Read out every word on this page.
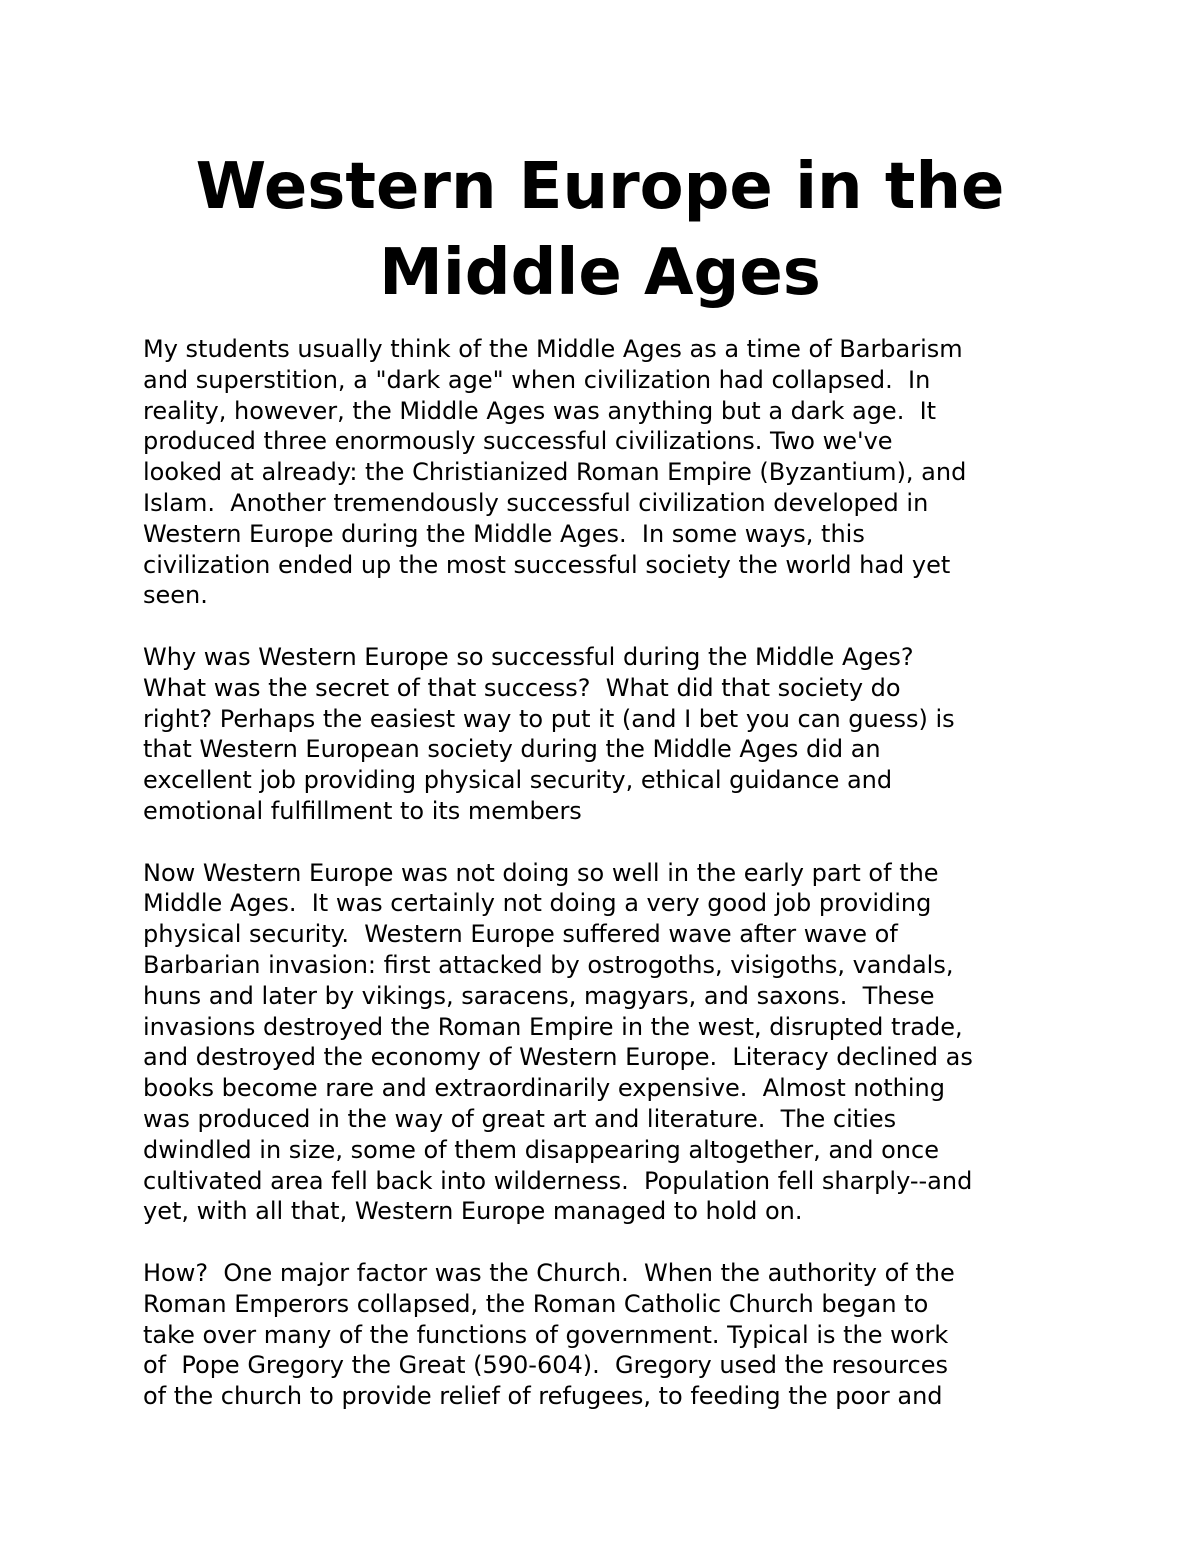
Western Europe in the
Middle Ages
My students usually think of the Middle Ages as a time of Barbarism
and superstition, a "dark age" when civilization had collapsed.  In
reality, however, the Middle Ages was anything but a dark age.  It
produced three enormously successful civilizations. Two we've
looked at already: the Christianized Roman Empire (Byzantium), and
Islam.  Another tremendously successful civilization developed in
Western Europe during the Middle Ages.  In some ways, this
civilization ended up the most successful society the world had yet
seen.
Why was Western Europe so successful during the Middle Ages?
What was the secret of that success?  What did that society do
right? Perhaps the easiest way to put it (and I bet you can guess) is
that Western European society during the Middle Ages did an
excellent job providing physical security, ethical guidance and
emotional fulfillment to its members
Now Western Europe was not doing so well in the early part of the
Middle Ages.  It was certainly not doing a very good job providing
physical security.  Western Europe suffered wave after wave of
Barbarian invasion: first attacked by ostrogoths, visigoths, vandals,
huns and later by vikings, saracens, magyars, and saxons.  These
invasions destroyed the Roman Empire in the west, disrupted trade,
and destroyed the economy of Western Europe.  Literacy declined as
books become rare and extraordinarily expensive.  Almost nothing
was produced in the way of great art and literature.  The cities
dwindled in size, some of them disappearing altogether, and once
cultivated area fell back into wilderness.  Population fell sharply--and
yet, with all that, Western Europe managed to hold on.
How?  One major factor was the Church.  When the authority of the
Roman Emperors collapsed, the Roman Catholic Church began to
take over many of the functions of government. Typical is the work
of  Pope Gregory the Great (590-604).  Gregory used the resources
of the church to provide relief of refugees, to feeding the poor and
